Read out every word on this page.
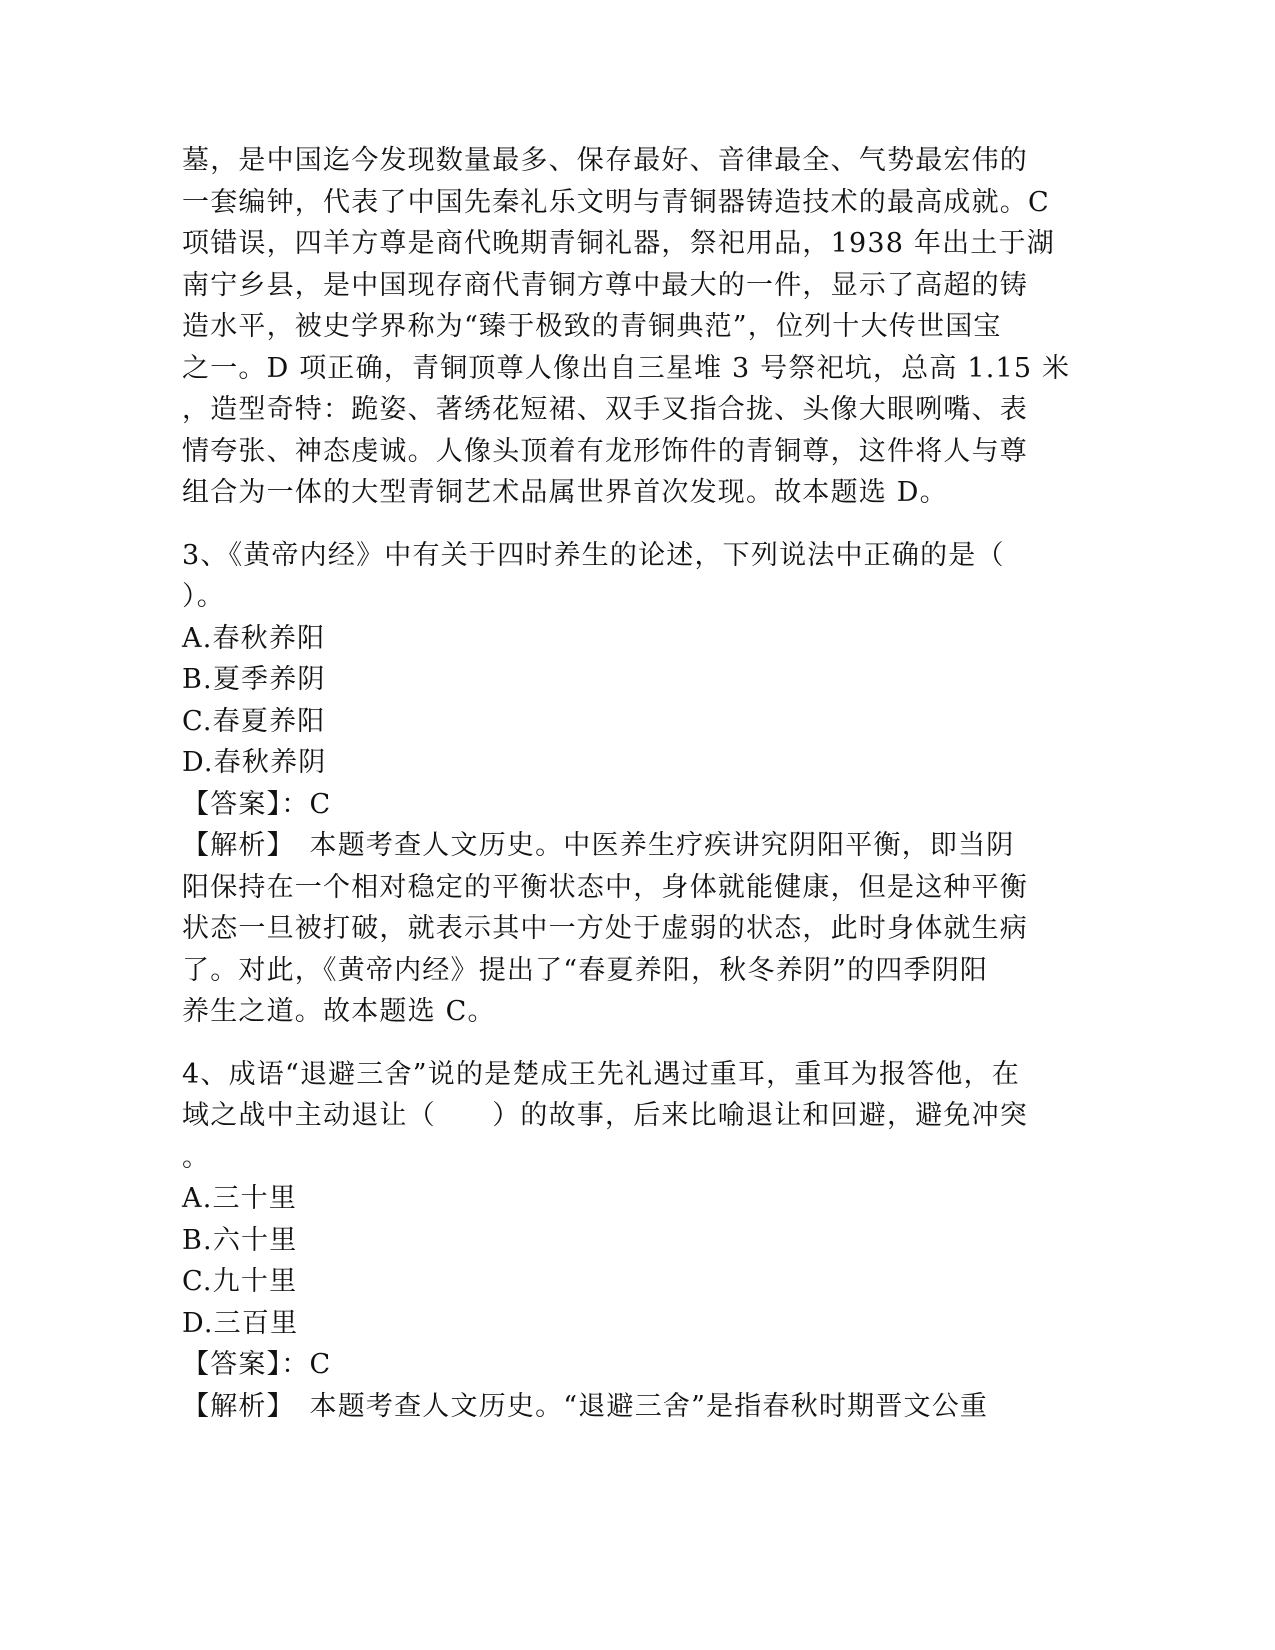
墓，是中国迄今发现数量最多、保存最好、音律最全、气势最宏伟的
一套编钟，代表了中国先秦礼乐文明与青铜器铸造技术的最高成就。C
项错误，四羊方尊是商代晚期青铜礼器，祭祀用品，1938 年出土于湖
南宁乡县，是中国现存商代青铜方尊中最大的一件，显示了高超的铸
造水平，被史学界称为“臻于极致的青铜典范”，位列十大传世国宝
之一。D 项正确，青铜顶尊人像出自三星堆 3 号祭祀坑，总高 1.15 米
，造型奇特：跪姿、著绣花短裙、双手叉指合拢、头像大眼咧嘴、表
情夸张、神态虔诚。人像头顶着有龙形饰件的青铜尊，这件将人与尊
组合为一体的大型青铜艺术品属世界首次发现。故本题选 D。
3、《黄帝内经》中有关于四时养生的论述，下列说法中正确的是（
）。
A.春秋养阳
B.夏季养阴
C.春夏养阳
D.春秋养阴
【答案】：C
【解析】　本题考查人文历史。中医养生疗疾讲究阴阳平衡，即当阴
阳保持在一个相对稳定的平衡状态中，身体就能健康，但是这种平衡
状态一旦被打破，就表示其中一方处于虚弱的状态，此时身体就生病
了。对此，《黄帝内经》提出了“春夏养阳，秋冬养阴”的四季阴阳
养生之道。故本题选 C。
4、成语“退避三舍”说的是楚成王先礼遇过重耳，重耳为报答他，在
域之战中主动退让（　　）的故事，后来比喻退让和回避，避免冲突
。
A.三十里
B.六十里
C.九十里
D.三百里
【答案】：C
【解析】　本题考查人文历史。“退避三舍”是指春秋时期晋文公重
